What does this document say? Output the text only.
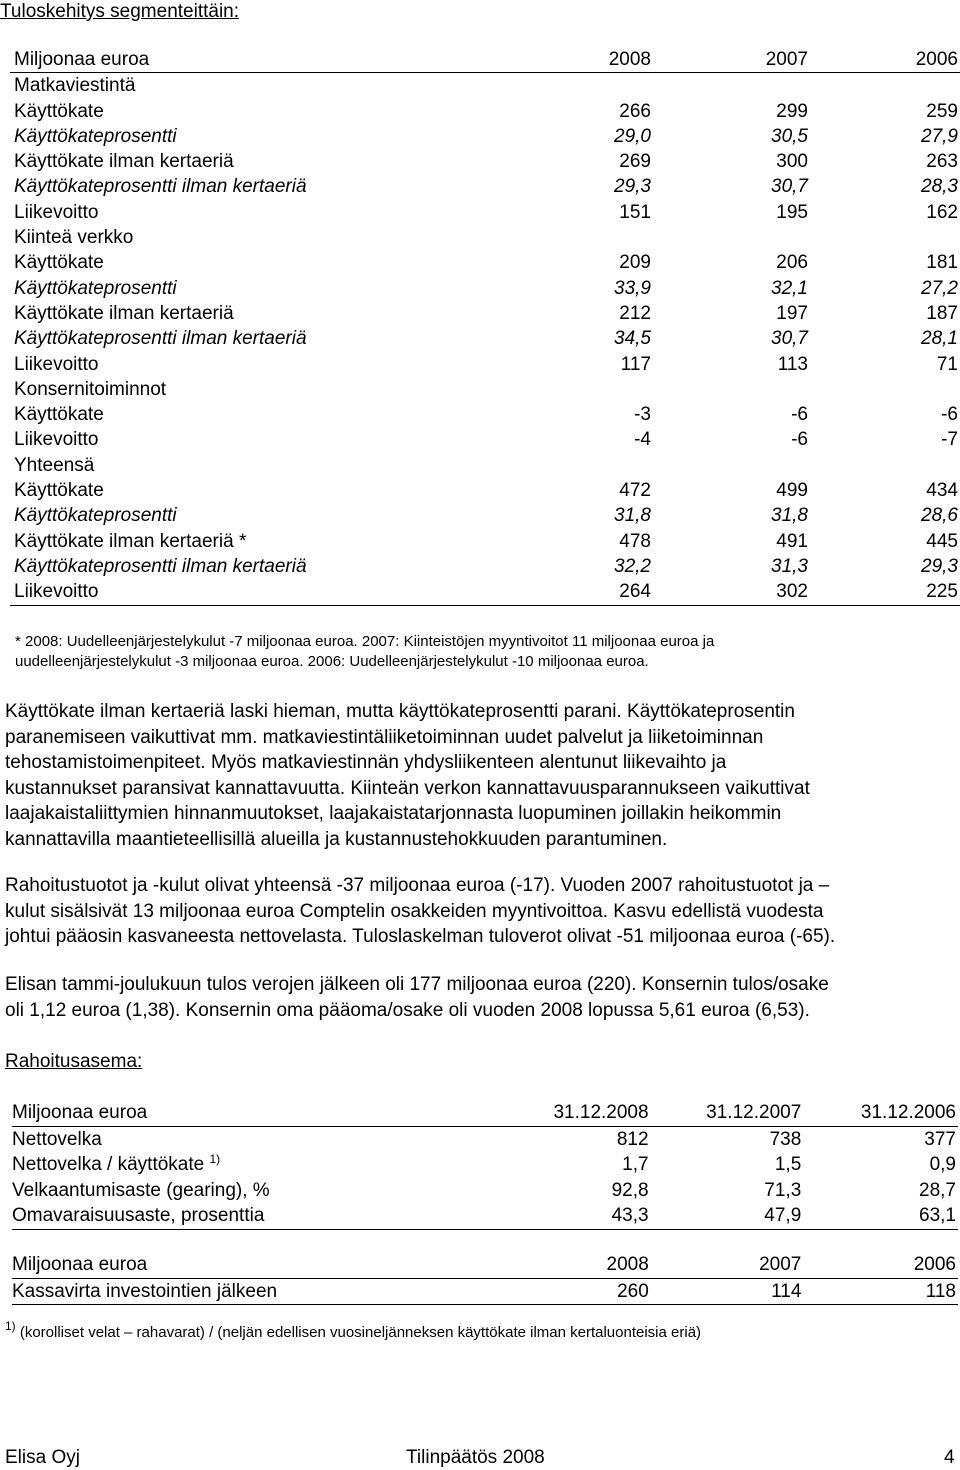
Tuloskehitys segmenteittäin:
Miljoonaa euroa	2008	2007	2006
Matkaviestintä			
Käyttökate	266	299	259
Käyttökateprosentti	29,0	30,5	27,9
Käyttökate ilman kertaeriä	269	300	263
Käyttökateprosentti ilman kertaeriä	29,3	30,7	28,3
Liikevoitto	151	195	162
Kiinteä verkko			
Käyttökate	209	206	181
Käyttökateprosentti	33,9	32,1	27,2
Käyttökate ilman kertaeriä	212	197	187
Käyttökateprosentti ilman kertaeriä	34,5	30,7	28,1
Liikevoitto	117	113	71
Konsernitoiminnot			
Käyttökate	-3	-6	-6
Liikevoitto	-4	-6	-7
Yhteensä			
Käyttökate	472	499	434
Käyttökateprosentti	31,8	31,8	28,6
Käyttökate ilman kertaeriä *	478	491	445
Käyttökateprosentti ilman kertaeriä	32,2	31,3	29,3
Liikevoitto	264	302	225
* 2008: Uudelleenjärjestelykulut -7 miljoonaa euroa. 2007: Kiinteistöjen myyntivoitot 11 miljoonaa euroa ja
uudelleenjärjestelykulut -3 miljoonaa euroa. 2006: Uudelleenjärjestelykulut -10 miljoonaa euroa.
Käyttökate ilman kertaeriä laski hieman, mutta käyttökateprosentti parani. Käyttökateprosentin
paranemiseen vaikuttivat mm. matkaviestintäliiketoiminnan uudet palvelut ja liiketoiminnan
tehostamistoimenpiteet. Myös matkaviestinnän yhdysliikenteen alentunut liikevaihto ja
kustannukset paransivat kannattavuutta. Kiinteän verkon kannattavuusparannukseen vaikuttivat
laajakaistaliittymien hinnanmuutokset, laajakaistatarjonnasta luopuminen joillakin heikommin
kannattavilla maantieteellisillä alueilla ja kustannustehokkuuden parantuminen.
Rahoitustuotot ja -kulut olivat yhteensä -37 miljoonaa euroa (-17). Vuoden 2007 rahoitustuotot ja –
kulut sisälsivät 13 miljoonaa euroa Comptelin osakkeiden myyntivoittoa. Kasvu edellistä vuodesta
johtui pääosin kasvaneesta nettovelasta. Tuloslaskelman tuloverot olivat -51 miljoonaa euroa (-65).
Elisan tammi-joulukuun tulos verojen jälkeen oli 177 miljoonaa euroa (220). Konsernin tulos/osake
oli 1,12 euroa (1,38). Konsernin oma pääoma/osake oli vuoden 2008 lopussa 5,61 euroa (6,53).
Rahoitusasema:
Miljoonaa euroa	31.12.2008	31.12.2007	31.12.2006
Nettovelka	812	738	377
Nettovelka / käyttökate $^{1)}$	1,7	1,5	0,9
Velkaantumisaste (gearing), %	92,8	71,3	28,7
Omavaraisuusaste, prosenttia	43,3	47,9	63,1
Miljoonaa euroa	2008	2007	2006
Kassavirta investointien jälkeen	260	114	118
$^{1)}$ (korolliset velat – rahavarat) / (neljän edellisen vuosineljänneksen käyttökate ilman kertaluonteisia eriä)
Elisa Oyj	Tilinpäätös 2008	4
